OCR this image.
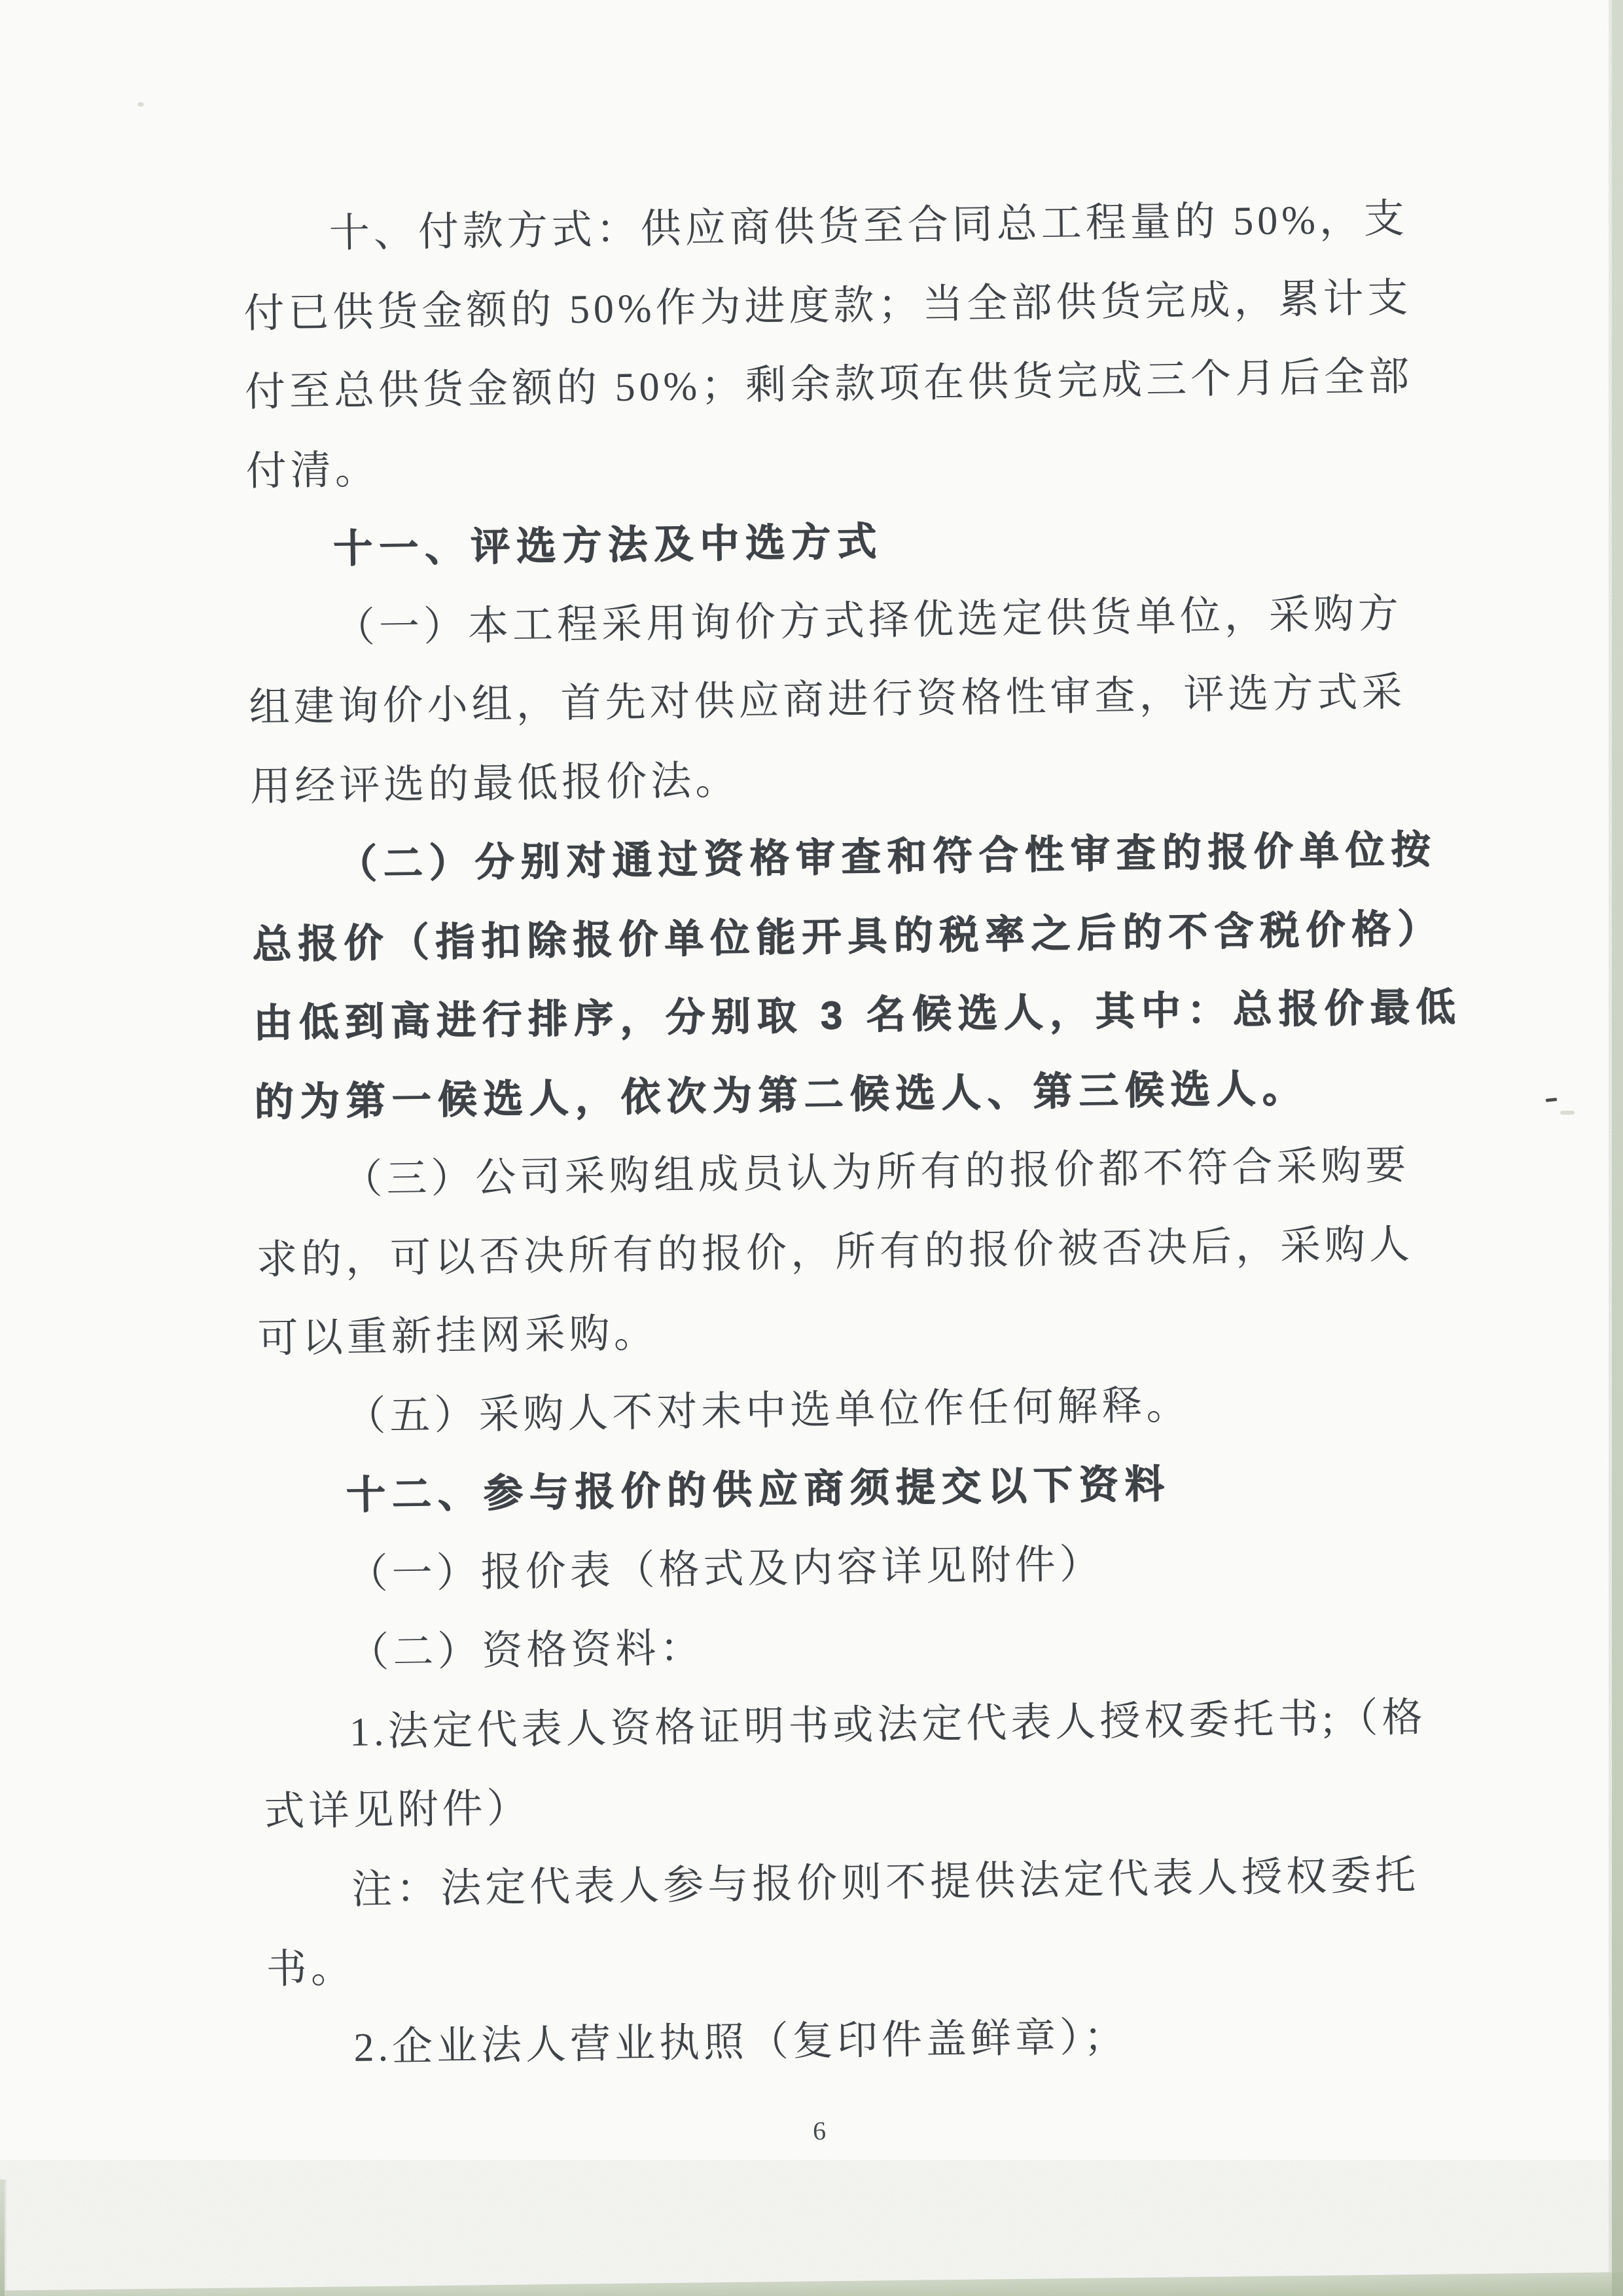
十、付款方式：供应商供货至合同总工程量的 50%，支
付已供货金额的 50%作为进度款；当全部供货完成，累计支
付至总供货金额的 50%；剩余款项在供货完成三个月后全部
付清。
十一、评选方法及中选方式
（一）本工程采用询价方式择优选定供货单位，采购方
组建询价小组，首先对供应商进行资格性审查，评选方式采
用经评选的最低报价法。
（二）分别对通过资格审查和符合性审查的报价单位按
总报价（指扣除报价单位能开具的税率之后的不含税价格）
由低到高进行排序，分别取 3 名候选人，其中：总报价最低
的为第一候选人，依次为第二候选人、第三候选人。
（三）公司采购组成员认为所有的报价都不符合采购要
求的，可以否决所有的报价，所有的报价被否决后，采购人
可以重新挂网采购。
（五）采购人不对未中选单位作任何解释。
十二、参与报价的供应商须提交以下资料
（一）报价表（格式及内容详见附件）
（二）资格资料：
1.法定代表人资格证明书或法定代表人授权委托书;（格
式详见附件）
注：法定代表人参与报价则不提供法定代表人授权委托
书。
2.企业法人营业执照（复印件盖鲜章）；
6
